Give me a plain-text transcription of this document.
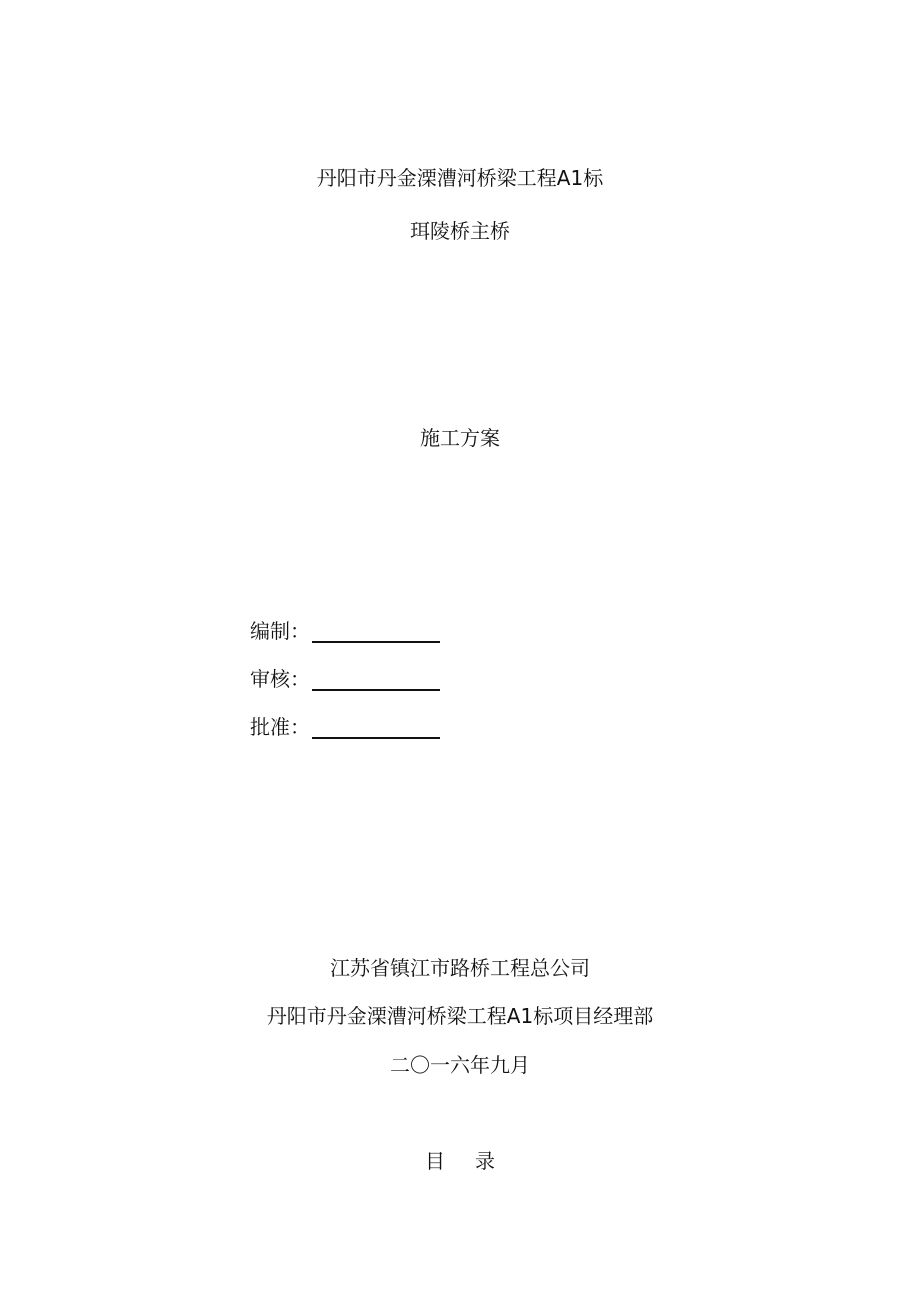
丹阳市丹金溧漕河桥梁工程A1标
珥陵桥主桥
施工方案
编制：
审核：
批准：
江苏省镇江市路桥工程总公司
丹阳市丹金溧漕河桥梁工程A1标项目经理部
二〇一六年九月
目 录
